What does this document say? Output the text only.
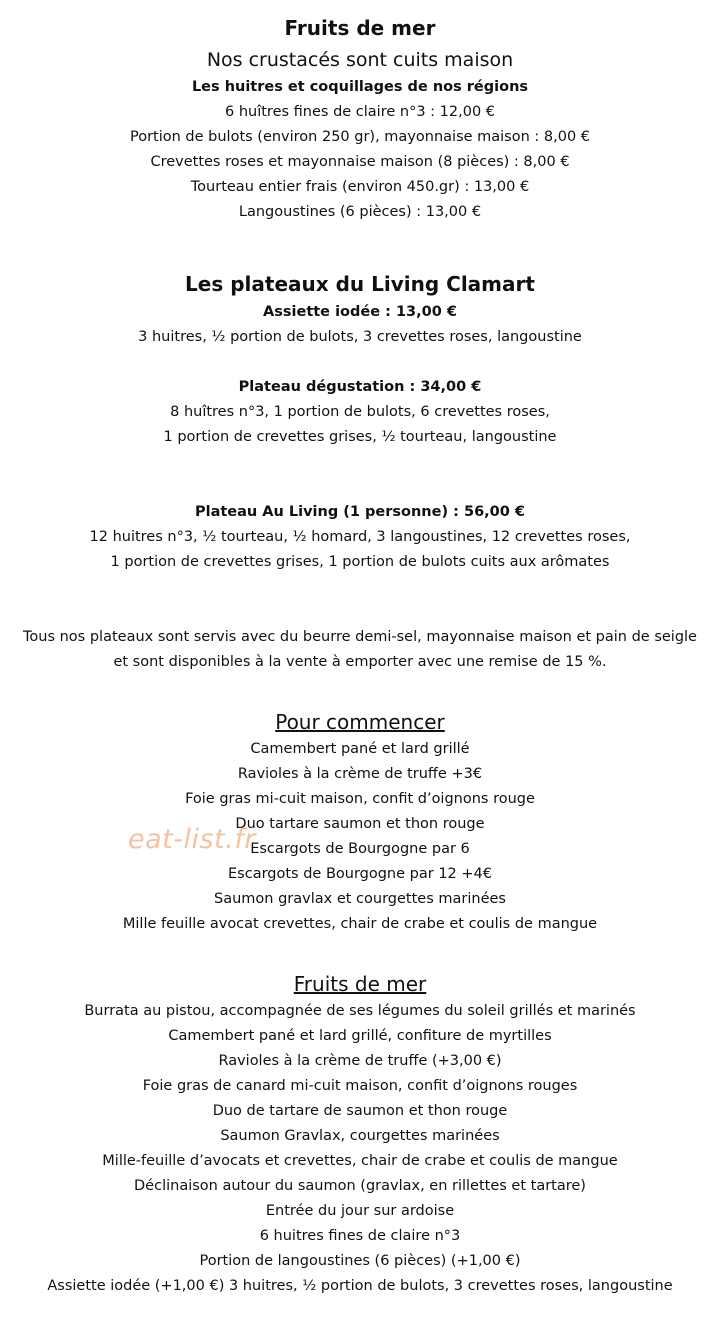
Fruits de mer
Nos crustacés sont cuits maison
Les huitres et coquillages de nos régions
6 huîtres fines de claire n°3 : 12,00 €
Portion de bulots (environ 250 gr), mayonnaise maison : 8,00 €
Crevettes roses et mayonnaise maison (8 pièces) : 8,00 €
Tourteau entier frais (environ 450.gr) : 13,00 €
Langoustines (6 pièces) : 13,00 €
Les plateaux du Living Clamart
Assiette iodée : 13,00 €
3 huitres, ½ portion de bulots, 3 crevettes roses, langoustine
Plateau dégustation : 34,00 €
8 huîtres n°3, 1 portion de bulots, 6 crevettes roses,
1 portion de crevettes grises, ½ tourteau, langoustine
Plateau Au Living (1 personne) : 56,00 €
12 huitres n°3, ½ tourteau, ½ homard, 3 langoustines, 12 crevettes roses,
1 portion de crevettes grises, 1 portion de bulots cuits aux arômates
Tous nos plateaux sont servis avec du beurre demi-sel, mayonnaise maison et pain de seigle
et sont disponibles à la vente à emporter avec une remise de 15 %.
Pour commencer
Camembert pané et lard grillé
Ravioles à la crème de truffe +3€
Foie gras mi-cuit maison, confit d’oignons rouge
Duo tartare saumon et thon rouge
Escargots de Bourgogne par 6
Escargots de Bourgogne par 12 +4€
Saumon gravlax et courgettes marinées
Mille feuille avocat crevettes, chair de crabe et coulis de mangue
Fruits de mer
Burrata au pistou, accompagnée de ses légumes du soleil grillés et marinés
Camembert pané et lard grillé, confiture de myrtilles
Ravioles à la crème de truffe (+3,00 €)
Foie gras de canard mi-cuit maison, confit d’oignons rouges
Duo de tartare de saumon et thon rouge
Saumon Gravlax, courgettes marinées
Mille-feuille d’avocats et crevettes, chair de crabe et coulis de mangue
Déclinaison autour du saumon (gravlax, en rillettes et tartare)
Entrée du jour sur ardoise
6 huitres fines de claire n°3
Portion de langoustines (6 pièces) (+1,00 €)
Assiette iodée (+1,00 €) 3 huitres, ½ portion de bulots, 3 crevettes roses, langoustine
eat-list.fr
